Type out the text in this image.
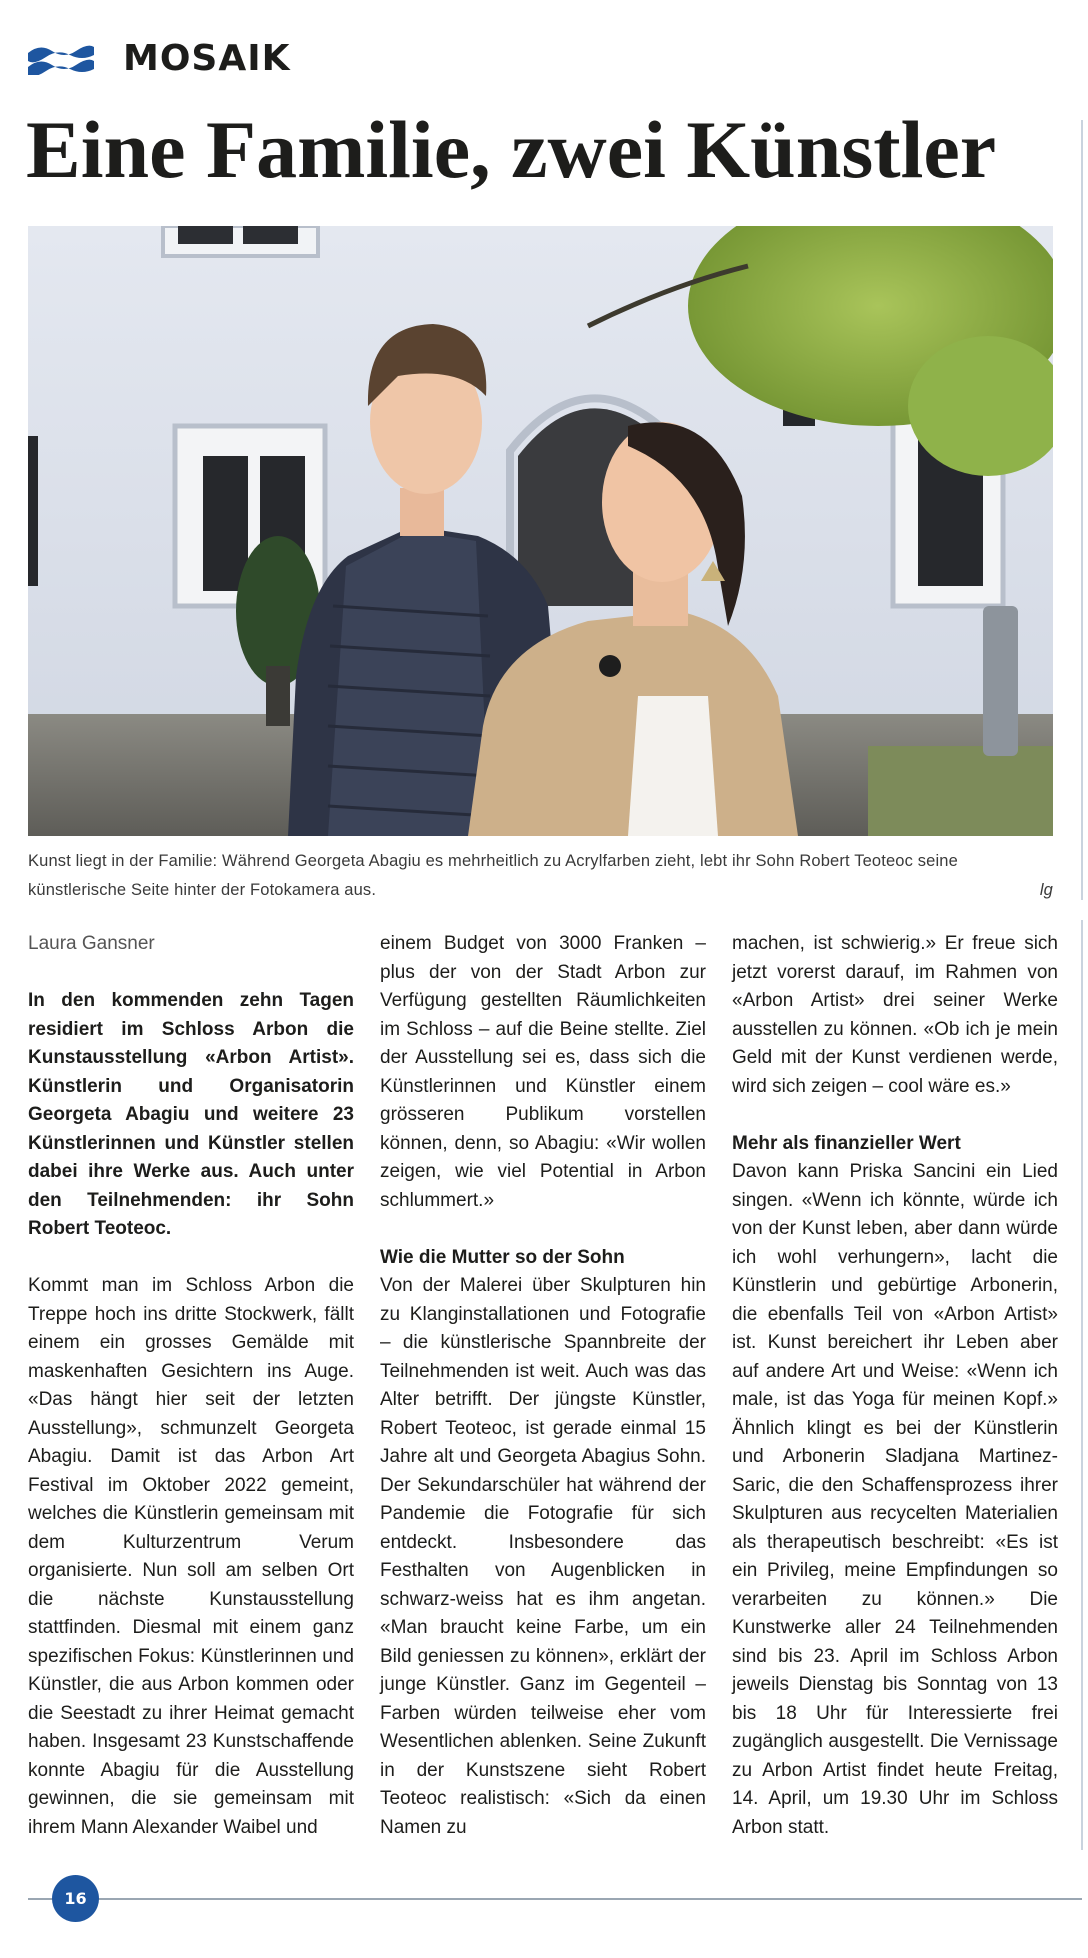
MOSAIK
Eine Familie, zwei Künstler

Kunst liegt in der Familie: Während Georgeta Abagiu es mehrheitlich zu Acrylfarben zieht, lebt ihr Sohn Robert Teoteoc seine künstlerische Seite hinter der Fotokamera aus.	lg

Laura Gansner

In den kommenden zehn Tagen residiert im Schloss Arbon die Kunstausstellung «Arbon Artist». Künstlerin und Organisatorin Georgeta Abagiu und weitere 23 Künstlerinnen und Künstler stellen dabei ihre Werke aus. Auch unter den Teilnehmenden: ihr Sohn Robert Teoteoc.

Kommt man im Schloss Arbon die Treppe hoch ins dritte Stockwerk, fällt einem ein grosses Gemälde mit maskenhaften Gesichtern ins Auge. «Das hängt hier seit der letzten Ausstellung», schmunzelt Georgeta Abagiu. Damit ist das Arbon Art Festival im Oktober 2022 gemeint, welches die Künstlerin gemeinsam mit dem Kulturzentrum Verum organisierte. Nun soll am selben Ort die nächste Kunstausstellung stattfinden. Diesmal mit einem ganz spezifischen Fokus: Künstlerinnen und Künstler, die aus Arbon kommen oder die Seestadt zu ihrer Heimat gemacht haben. Insgesamt 23 Kunstschaffende konnte Abagiu für die Ausstellung gewinnen, die sie gemeinsam mit ihrem Mann Alexander Waibel und

einem Budget von 3000 Franken – plus der von der Stadt Arbon zur Verfügung gestellten Räumlichkeiten im Schloss – auf die Beine stellte. Ziel der Ausstellung sei es, dass sich die Künstlerinnen und Künstler einem grösseren Publikum vorstellen können, denn, so Abagiu: «Wir wollen zeigen, wie viel Potential in Arbon schlummert.»

Wie die Mutter so der Sohn

Von der Malerei über Skulpturen hin zu Klanginstallationen und Fotografie – die künstlerische Spannbreite der Teilnehmenden ist weit. Auch was das Alter betrifft. Der jüngste Künstler, Robert Teoteoc, ist gerade einmal 15 Jahre alt und Georgeta Abagius Sohn. Der Sekundarschüler hat während der Pandemie die Fotografie für sich entdeckt. Insbesondere das Festhalten von Augenblicken in schwarz-weiss hat es ihm angetan. «Man braucht keine Farbe, um ein Bild geniessen zu können», erklärt der junge Künstler. Ganz im Gegenteil – Farben würden teilweise eher vom Wesentlichen ablenken. Seine Zukunft in der Kunstszene sieht Robert Teoteoc realistisch: «Sich da einen Namen zu

machen, ist schwierig.» Er freue sich jetzt vorerst darauf, im Rahmen von «Arbon Artist» drei seiner Werke ausstellen zu können. «Ob ich je mein Geld mit der Kunst verdienen werde, wird sich zeigen – cool wäre es.»

Mehr als finanzieller Wert

Davon kann Priska Sancini ein Lied singen. «Wenn ich könnte, würde ich von der Kunst leben, aber dann würde ich wohl verhungern», lacht die Künstlerin und gebürtige Arbonerin, die ebenfalls Teil von «Arbon Artist» ist. Kunst bereichert ihr Leben aber auf andere Art und Weise: «Wenn ich male, ist das Yoga für meinen Kopf.» Ähnlich klingt es bei der Künstlerin und Arbonerin Sladjana Martinez-Saric, die den Schaffensprozess ihrer Skulpturen aus recycelten Materialien als therapeutisch beschreibt: «Es ist ein Privileg, meine Empfindungen so verarbeiten zu können.» Die Kunstwerke aller 24 Teilnehmenden sind bis 23. April im Schloss Arbon jeweils Dienstag bis Sonntag von 13 bis 18 Uhr für Interessierte frei zugänglich ausgestellt. Die Vernissage zu Arbon Artist findet heute Freitag, 14. April, um 19.30 Uhr im Schloss Arbon statt.

16
